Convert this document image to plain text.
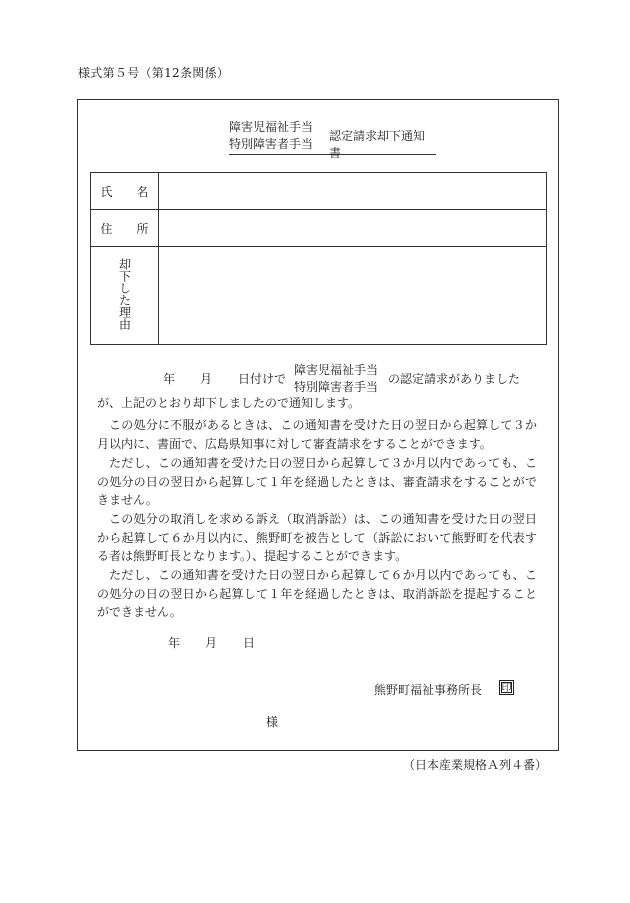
様式第５号（第12条関係）
障害児福祉手当
特別障害者手当
認定請求却下通知書
氏　　名	
住　　所	
却下した理由	
年 月 日付けで
障害児福祉手当
特別障害者手当
の認定請求がありました
が、上記のとおり却下しましたので通知します。
この処分に不服があるときは、この通知書を受けた日の翌日から起算して３か月以内に、書面で、広島県知事に対して審査請求をすることができます。
ただし、この通知書を受けた日の翌日から起算して３か月以内であっても、この処分の日の翌日から起算して１年を経過したときは、審査請求をすることができません。
この処分の取消しを求める訴え（取消訴訟）は、この通知書を受けた日の翌日から起算して６か月以内に、熊野町を被告として（訴訟において熊野町を代表する者は熊野町長となります。）、提起することができます。
ただし、この通知書を受けた日の翌日から起算して６か月以内であっても、この処分の日の翌日から起算して１年を経過したときは、取消訴訟を提起することができません。
年 月 日
熊野町福祉事務所長 印
様
（日本産業規格Ａ列４番）
